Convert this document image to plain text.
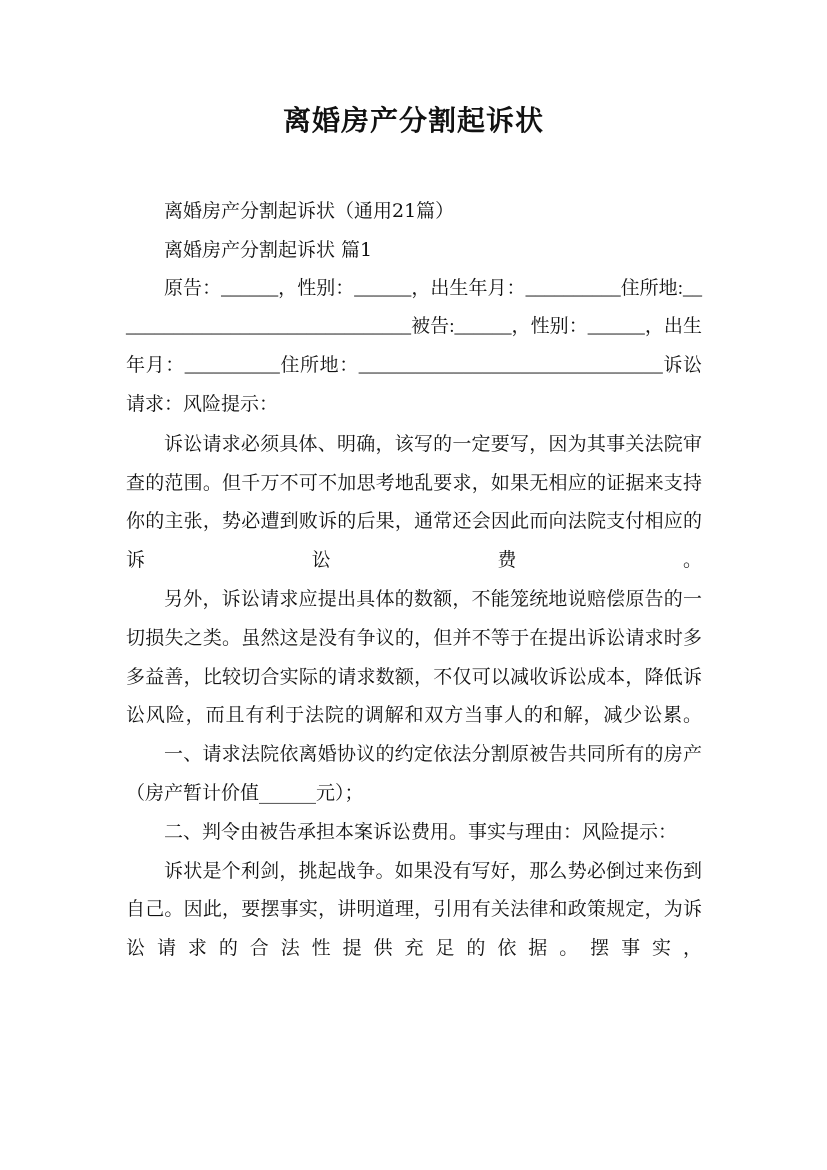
离婚房产分割起诉状

离婚房产分割起诉状（通用21篇）

离婚房产分割起诉状 篇1

原告：______，性别：______，出生年月：__________住所地:________________________________被告:______，性别：______，出生年月：__________住所地：________________________________诉讼请求：风险提示：

诉讼请求必须具体、明确，该写的一定要写，因为其事关法院审查的范围。但千万不可不加思考地乱要求，如果无相应的证据来支持你的主张，势必遭到败诉的后果，通常还会因此而向法院支付相应的诉讼费。

另外，诉讼请求应提出具体的数额，不能笼统地说赔偿原告的一切损失之类。虽然这是没有争议的，但并不等于在提出诉讼请求时多多益善，比较切合实际的请求数额，不仅可以减收诉讼成本，降低诉讼风险，而且有利于法院的调解和双方当事人的和解，减少讼累。

一、请求法院依离婚协议的约定依法分割原被告共同所有的房产（房产暂计价值______元）；

二、判令由被告承担本案诉讼费用。事实与理由：风险提示：

诉状是个利剑，挑起战争。如果没有写好，那么势必倒过来伤到自己。因此，要摆事实，讲明道理，引用有关法律和政策规定，为诉讼请求的合法性提供充足的依据。摆事实，
